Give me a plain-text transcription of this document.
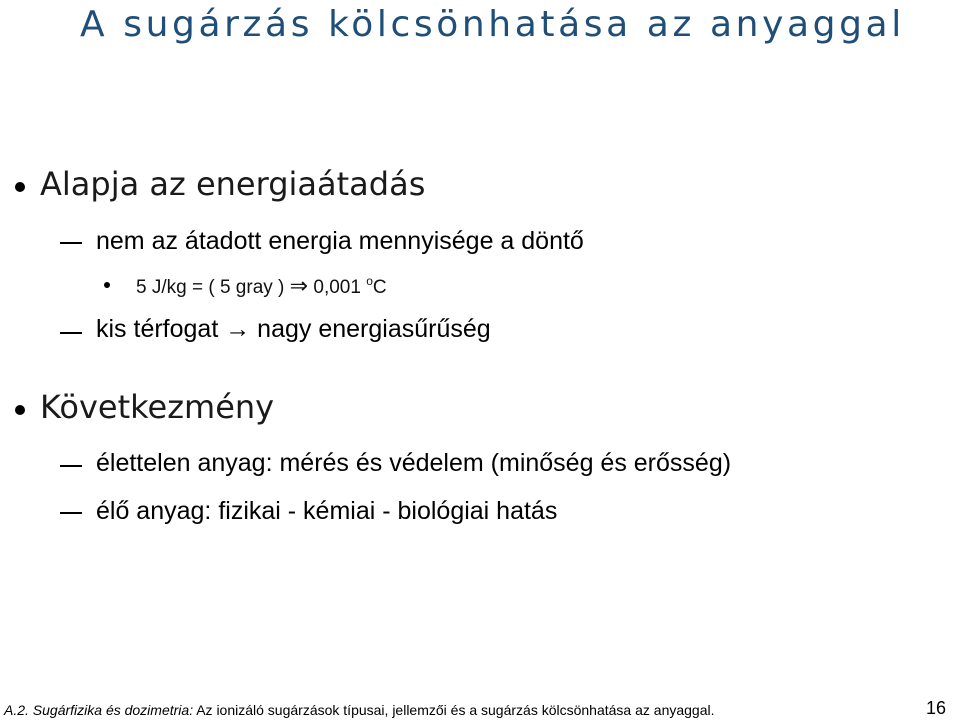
A sugárzás kölcsönhatása az anyaggal
Alapja az energiaátadás
nem az átadott energia mennyisége a döntő
5 J/kg = ( 5 gray ) ⇒ 0,001 $^o$C
kis térfogat → nagy energiasűrűség
Következmény
élettelen anyag: mérés és védelem (minőség és erősség)
élő anyag: fizikai - kémiai - biológiai hatás
A.2. Sugárfizika és dozimetria: Az ionizáló sugárzások típusai, jellemzői és a sugárzás kölcsönhatása az anyaggal.	16
